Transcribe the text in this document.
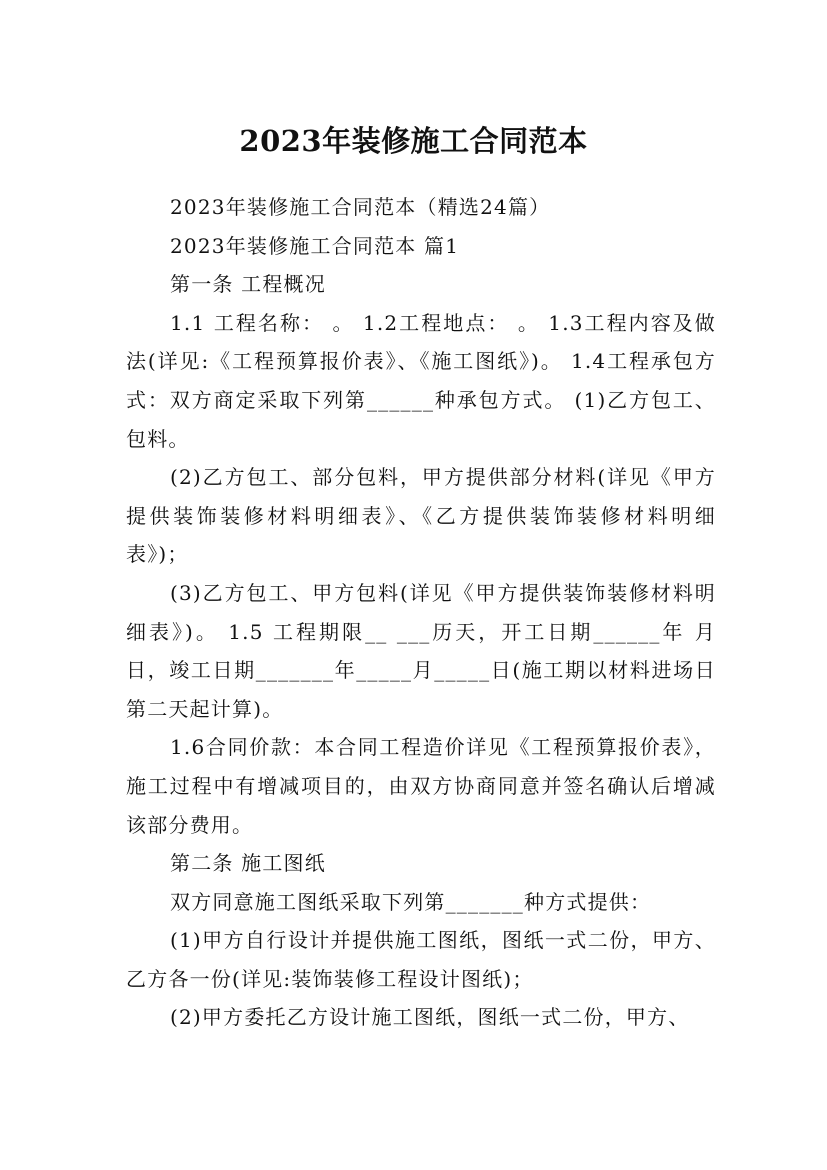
2023年装修施工合同范本

2023年装修施工合同范本（精选24篇）

2023年装修施工合同范本 篇1

第一条 工程概况

1.1 工程名称： 。 1.2工程地点： 。 1.3工程内容及做法(详见:《工程预算报价表》、《施工图纸》)。 1.4工程承包方式：双方商定采取下列第______种承包方式。 (1)乙方包工、包料。

(2)乙方包工、部分包料，甲方提供部分材料(详见《甲方提供装饰装修材料明细表》、《乙方提供装饰装修材料明细表》)；

(3)乙方包工、甲方包料(详见《甲方提供装饰装修材料明细表》)。 1.5 工程期限__ ___历天，开工日期______年 月 日，竣工日期_______年_____月_____日(施工期以材料进场日第二天起计算)。

1.6合同价款：本合同工程造价详见《工程预算报价表》，施工过程中有增减项目的，由双方协商同意并签名确认后增减该部分费用。

第二条 施工图纸

双方同意施工图纸采取下列第_______种方式提供：

(1)甲方自行设计并提供施工图纸，图纸一式二份，甲方、乙方各一份(详见:装饰装修工程设计图纸)；

(2)甲方委托乙方设计施工图纸，图纸一式二份，甲方、
